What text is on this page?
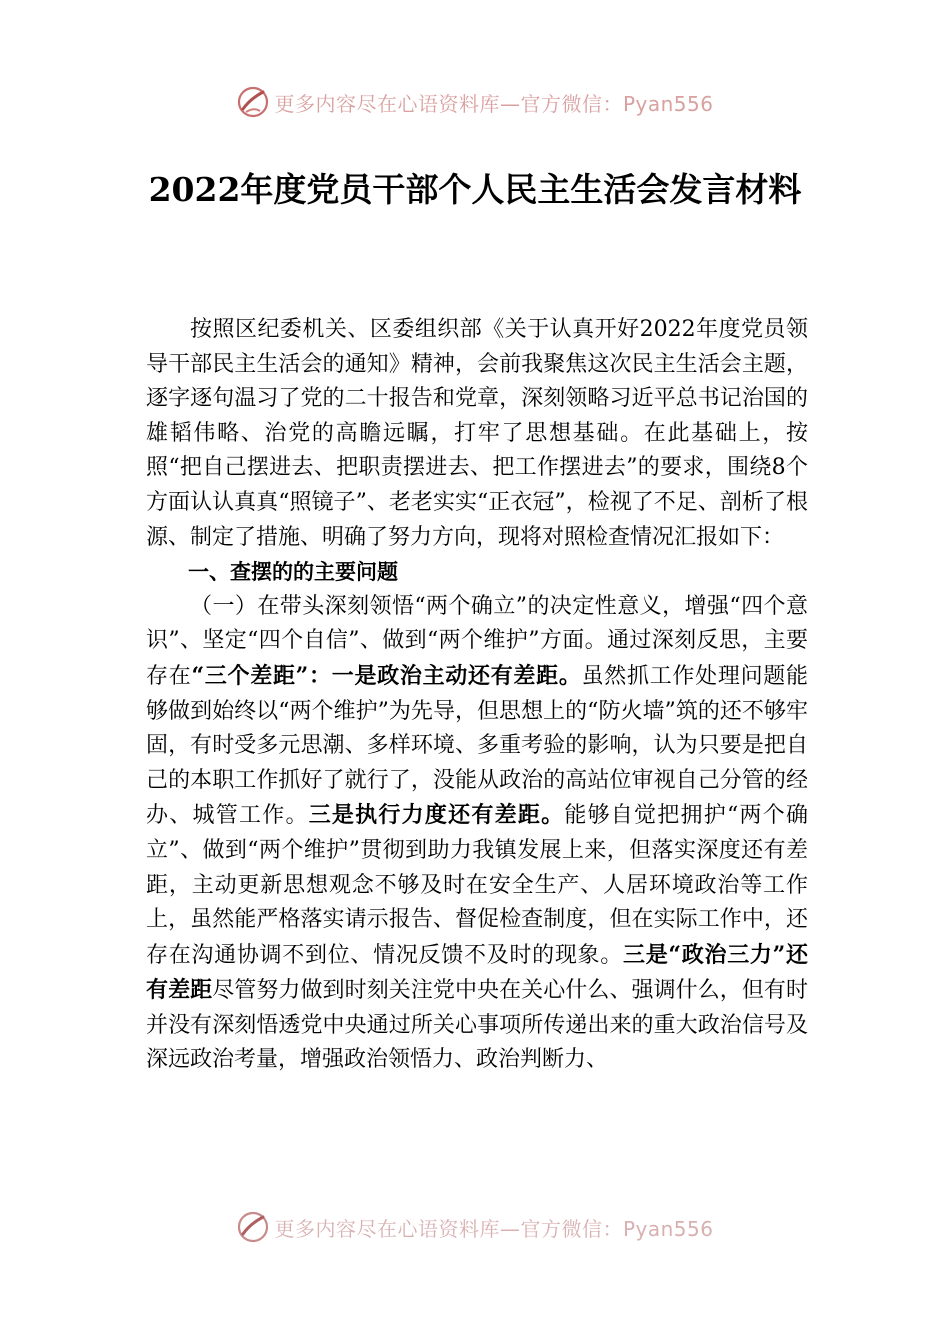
更多内容尽在心语资料库—官方微信：Pyan556
2022年度党员干部个人民主生活会发言材料

按照区纪委机关、区委组织部《关于认真开好2022年度党员领导干部民主生活会的通知》精神，会前我聚焦这次民主生活会主题，逐字逐句温习了党的二十报告和党章，深刻领略习近平总书记治国的雄韬伟略、治党的高瞻远瞩，打牢了思想基础。在此基础上，按照“把自己摆进去、把职责摆进去、把工作摆进去”的要求，围绕8个方面认认真真“照镜子”、老老实实“正衣冠”，检视了不足、剖析了根源、制定了措施、明确了努力方向，现将对照检查情况汇报如下：

一、查摆的的主要问题

（一）在带头深刻领悟“两个确立”的决定性意义，增强“四个意识”、坚定“四个自信”、做到“两个维护”方面。通过深刻反思，主要存在“三个差距”：一是政治主动还有差距。虽然抓工作处理问题能够做到始终以“两个维护”为先导，但思想上的“防火墙”筑的还不够牢固，有时受多元思潮、多样环境、多重考验的影响，认为只要是把自己的本职工作抓好了就行了，没能从政治的高站位审视自己分管的经办、城管工作。三是执行力度还有差距。能够自觉把拥护“两个确立”、做到“两个维护”贯彻到助力我镇发展上来，但落实深度还有差距，主动更新思想观念不够及时在安全生产、人居环境政治等工作上，虽然能严格落实请示报告、督促检查制度，但在实际工作中，还存在沟通协调不到位、情况反馈不及时的现象。三是“政治三力”还有差距尽管努力做到时刻关注党中央在关心什么、强调什么，但有时并没有深刻悟透党中央通过所关心事项所传递出来的重大政治信号及深远政治考量，增强政治领悟力、政治判断力、

更多内容尽在心语资料库—官方微信：Pyan556
